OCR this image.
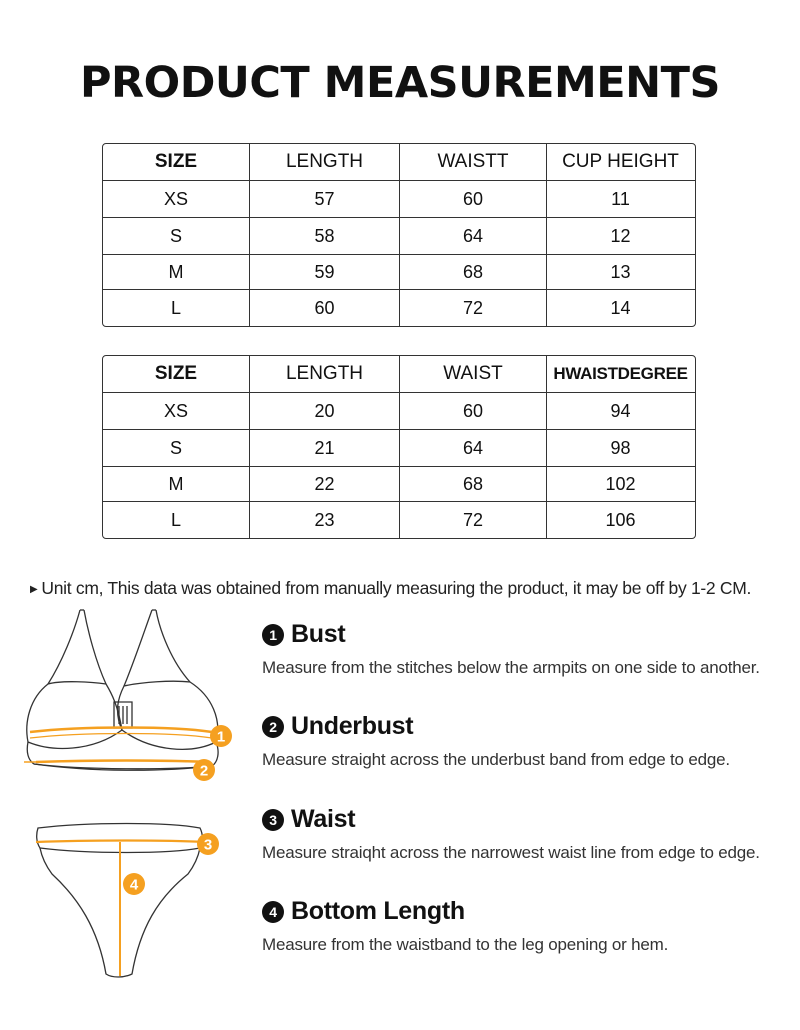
PRODUCT MEASUREMENTS
SIZE	LENGTH	WAISTT	CUP HEIGHT
XS	57	60	11
S	58	64	12
M	59	68	13
L	60	72	14
SIZE	LENGTH	WAIST	HWAISTDEGREE
XS	20	60	94
S	21	64	98
M	22	68	102
L	23	72	106
▶ Unit cm, This data was obtained from manually measuring the product, it may be off by 1-2 CM.
1
2
3
4
1 Bust
Measure from the stitches below the armpits on one side to another.
2 Underbust
Measure straight across the underbust band from edge to edge.
3 Waist
Measure straiqht across the narrowest waist line from edge to edge.
4 Bottom Length
Measure from the waistband to the leg opening or hem.
